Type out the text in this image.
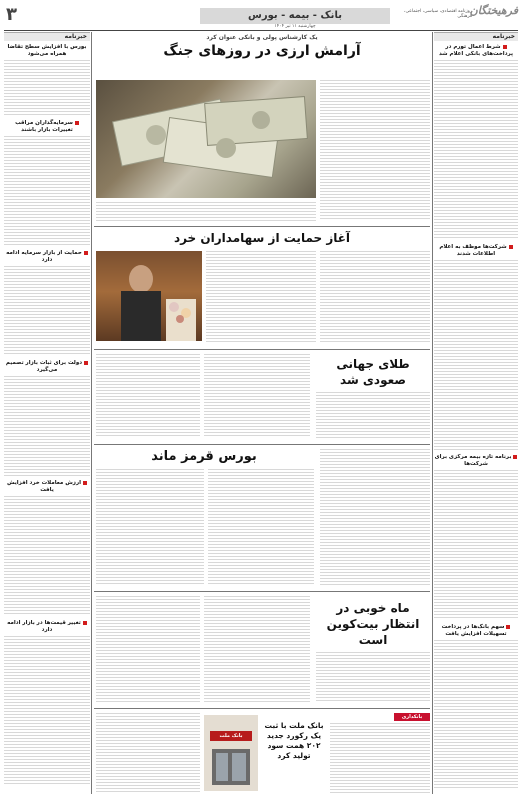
۳	بانک - بیمه - بورس	روزنامه اقتصادی، سیاسی، اجتماعی، فرهنگی
چهارشنبه ۱۱ تیر ۱۴۰۴
فرهیختگان
خبرنامه
بورس با افزایش سطح تقاضا همراه می‌شود
سرمایه‌گذاران مراقب تغییرات بازار باشند
حمایت از بازار سرمایه ادامه دارد
دولت برای ثبات بازار تصمیم می‌گیرد
ارزش معاملات خرد افزایش یافت
تغییر قیمت‌ها در بازار ادامه دارد
خبرنامه
شرط اعمال تورم در پرداخت‌های بانکی اعلام شد
شرکت‌ها موظف به اعلام اطلاعات شدند
برنامه تازه بیمه مرکزی برای شرکت‌ها
سهم بانک‌ها در پرداخت تسهیلات افزایش یافت
یک کارشناس پولی و بانکی عنوان کرد
آرامش ارزی در روزهای جنگ
آغاز حمایت از سهامداران خرد
طلای جهانی صعودی شد
بورس قرمز ماند
ماه خوبی در انتظار بیت‌کوین است
بانک ملت
بانک ملت با ثبت یک رکورد جدید ۲۰۲ همت سود تولید کرد
بانکداری
